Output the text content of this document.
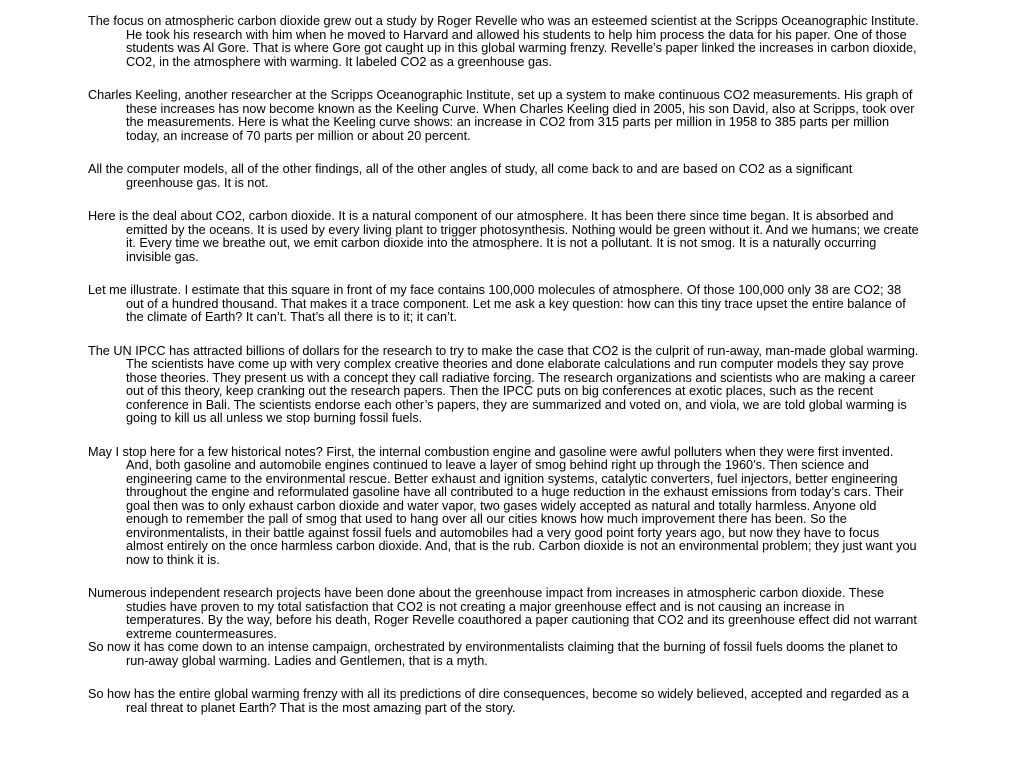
The focus on atmospheric carbon dioxide grew out a study by Roger Revelle who was an esteemed scientist at the Scripps Oceanographic Institute. He took his research with him when he moved to Harvard and allowed his students to help him process the data for his paper. One of those students was Al Gore. That is where Gore got caught up in this global warming frenzy. Revelle’s paper linked the increases in carbon dioxide, CO2, in the atmosphere with warming. It labeled CO2 as a greenhouse gas.

Charles Keeling, another researcher at the Scripps Oceanographic Institute, set up a system to make continuous CO2 measurements. His graph of these increases has now become known as the Keeling Curve. When Charles Keeling died in 2005, his son David, also at Scripps, took over the measurements. Here is what the Keeling curve shows: an increase in CO2 from 315 parts per million in 1958 to 385 parts per million today, an increase of 70 parts per million or about 20 percent.

All the computer models, all of the other findings, all of the other angles of study, all come back to and are based on CO2 as a significant greenhouse gas. It is not.

Here is the deal about CO2, carbon dioxide. It is a natural component of our atmosphere. It has been there since time began. It is absorbed and emitted by the oceans. It is used by every living plant to trigger photosynthesis. Nothing would be green without it. And we humans; we create it. Every time we breathe out, we emit carbon dioxide into the atmosphere. It is not a pollutant. It is not smog. It is a naturally occurring invisible gas.

Let me illustrate. I estimate that this square in front of my face contains 100,000 molecules of atmosphere. Of those 100,000 only 38 are CO2; 38 out of a hundred thousand. That makes it a trace component. Let me ask a key question: how can this tiny trace upset the entire balance of the climate of Earth? It can’t. That’s all there is to it; it can’t.

The UN IPCC has attracted billions of dollars for the research to try to make the case that CO2 is the culprit of run-away, man-made global warming. The scientists have come up with very complex creative theories and done elaborate calculations and run computer models they say prove those theories. They present us with a concept they call radiative forcing. The research organizations and scientists who are making a career out of this theory, keep cranking out the research papers. Then the IPCC puts on big conferences at exotic places, such as the recent conference in Bali. The scientists endorse each other’s papers, they are summarized and voted on, and viola, we are told global warming is going to kill us all unless we stop burning fossil fuels.

May I stop here for a few historical notes? First, the internal combustion engine and gasoline were awful polluters when they were first invented. And, both gasoline and automobile engines continued to leave a layer of smog behind right up through the 1960’s. Then science and engineering came to the environmental rescue. Better exhaust and ignition systems, catalytic converters, fuel injectors, better engineering throughout the engine and reformulated gasoline have all contributed to a huge reduction in the exhaust emissions from today’s cars. Their goal then was to only exhaust carbon dioxide and water vapor, two gases widely accepted as natural and totally harmless. Anyone old enough to remember the pall of smog that used to hang over all our cities knows how much improvement there has been. So the environmentalists, in their battle against fossil fuels and automobiles had a very good point forty years ago, but now they have to focus almost entirely on the once harmless carbon dioxide. And, that is the rub. Carbon dioxide is not an environmental problem; they just want you now to think it is.

Numerous independent research projects have been done about the greenhouse impact from increases in atmospheric carbon dioxide. These studies have proven to my total satisfaction that CO2 is not creating a major greenhouse effect and is not causing an increase in temperatures. By the way, before his death, Roger Revelle coauthored a paper cautioning that CO2 and its greenhouse effect did not warrant extreme countermeasures.

So now it has come down to an intense campaign, orchestrated by environmentalists claiming that the burning of fossil fuels dooms the planet to run-away global warming. Ladies and Gentlemen, that is a myth.

So how has the entire global warming frenzy with all its predictions of dire consequences, become so widely believed, accepted and regarded as a real threat to planet Earth? That is the most amazing part of the story.
